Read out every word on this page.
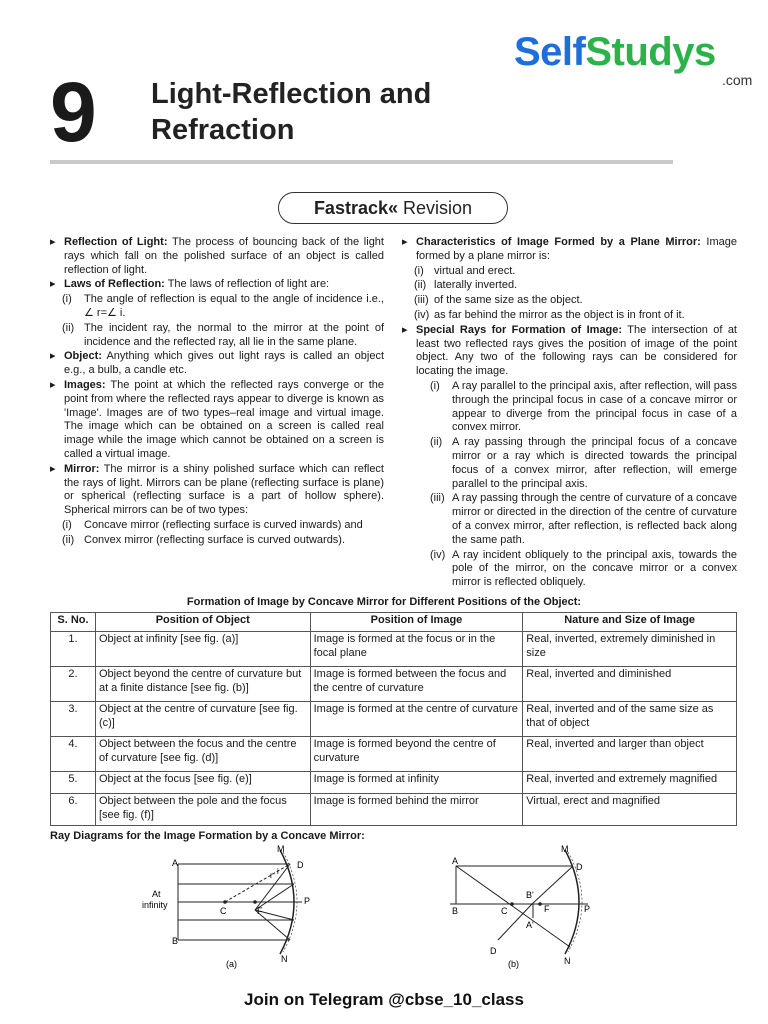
9 Light-Reflection and
Refraction
SelfStudys
.com
Fastrack« Revision

▸ Reflection of Light: The process of bouncing back of the light rays which fall on the polished surface of an object is called reflection of light.

▸ Laws of Reflection: The laws of reflection of light are:

(i) The angle of reflection is equal to the angle of incidence i.e., ∠ r=∠ i.

(ii) The incident ray, the normal to the mirror at the point of incidence and the reflected ray, all lie in the same plane.

▸ Object: Anything which gives out light rays is called an object e.g., a bulb, a candle etc.

▸ Images: The point at which the reflected rays converge or the point from where the reflected rays appear to diverge is known as 'Image'. Images are of two types–real image and virtual image. The image which can be obtained on a screen is called real image while the image which cannot be obtained on a screen is called a virtual image.

▸ Mirror: The mirror is a shiny polished surface which can reflect the rays of light. Mirrors can be plane (reflecting surface is plane) or spherical (reflecting surface is a part of hollow sphere). Spherical mirrors can be of two types:

(i) Concave mirror (reflecting surface is curved inwards) and

(ii) Convex mirror (reflecting surface is curved outwards).

▸ Characteristics of Image Formed by a Plane Mirror: Image formed by a plane mirror is:

(i) virtual and erect.

(ii) laterally inverted.

(iii) of the same size as the object.

(iv) as far behind the mirror as the object is in front of it.

▸ Special Rays for Formation of Image: The intersection of at least two reflected rays gives the position of image of the point object. Any two of the following rays can be considered for locating the image.

(i) A ray parallel to the principal axis, after reflection, will pass through the principal focus in case of a concave mirror or appear to diverge from the principal focus in case of a convex mirror.

(ii) A ray passing through the principal focus of a concave mirror or a ray which is directed towards the principal focus of a convex mirror, after reflection, will emerge parallel to the principal axis.

(iii) A ray passing through the centre of curvature of a concave mirror or directed in the direction of the centre of curvature of a convex mirror, after reflection, is reflected back along the same path.

(iv) A ray incident obliquely to the principal axis, towards the pole of the mirror, on the concave mirror or a convex mirror is reflected obliquely.

Formation of Image by Concave Mirror for Different Positions of the Object:
S. No.	Position of Object	Position of Image	Nature and Size of Image
1.	Object at infinity [see fig. (a)]	Image is formed at the focus or in the focal plane	Real, inverted, extremely diminished in size
2.	Object beyond the centre of curvature but at a finite distance [see fig. (b)]	Image is formed between the focus and the centre of curvature	Real, inverted and diminished
3.	Object at the centre of curvature [see fig. (c)]	Image is formed at the centre of curvature	Real, inverted and of the same size as that of object
4.	Object between the focus and the centre of curvature [see fig. (d)]	Image is formed beyond the centre of curvature	Real, inverted and larger than object
5.	Object at the focus [see fig. (e)]	Image is formed at infinity	Real, inverted and extremely magnified
6.	Object between the pole and the focus [see fig. (f)]	Image is formed behind the mirror	Virtual, erect and magnified
Ray Diagrams for the Image Formation by a Concave Mirror:
A
B
M
D
N
P
C	F
i
r
At
infinity
(a)
A
B
M
D
N
P
C	F
B'
A'
D
(b)
Join on Telegram @cbse_10_class
